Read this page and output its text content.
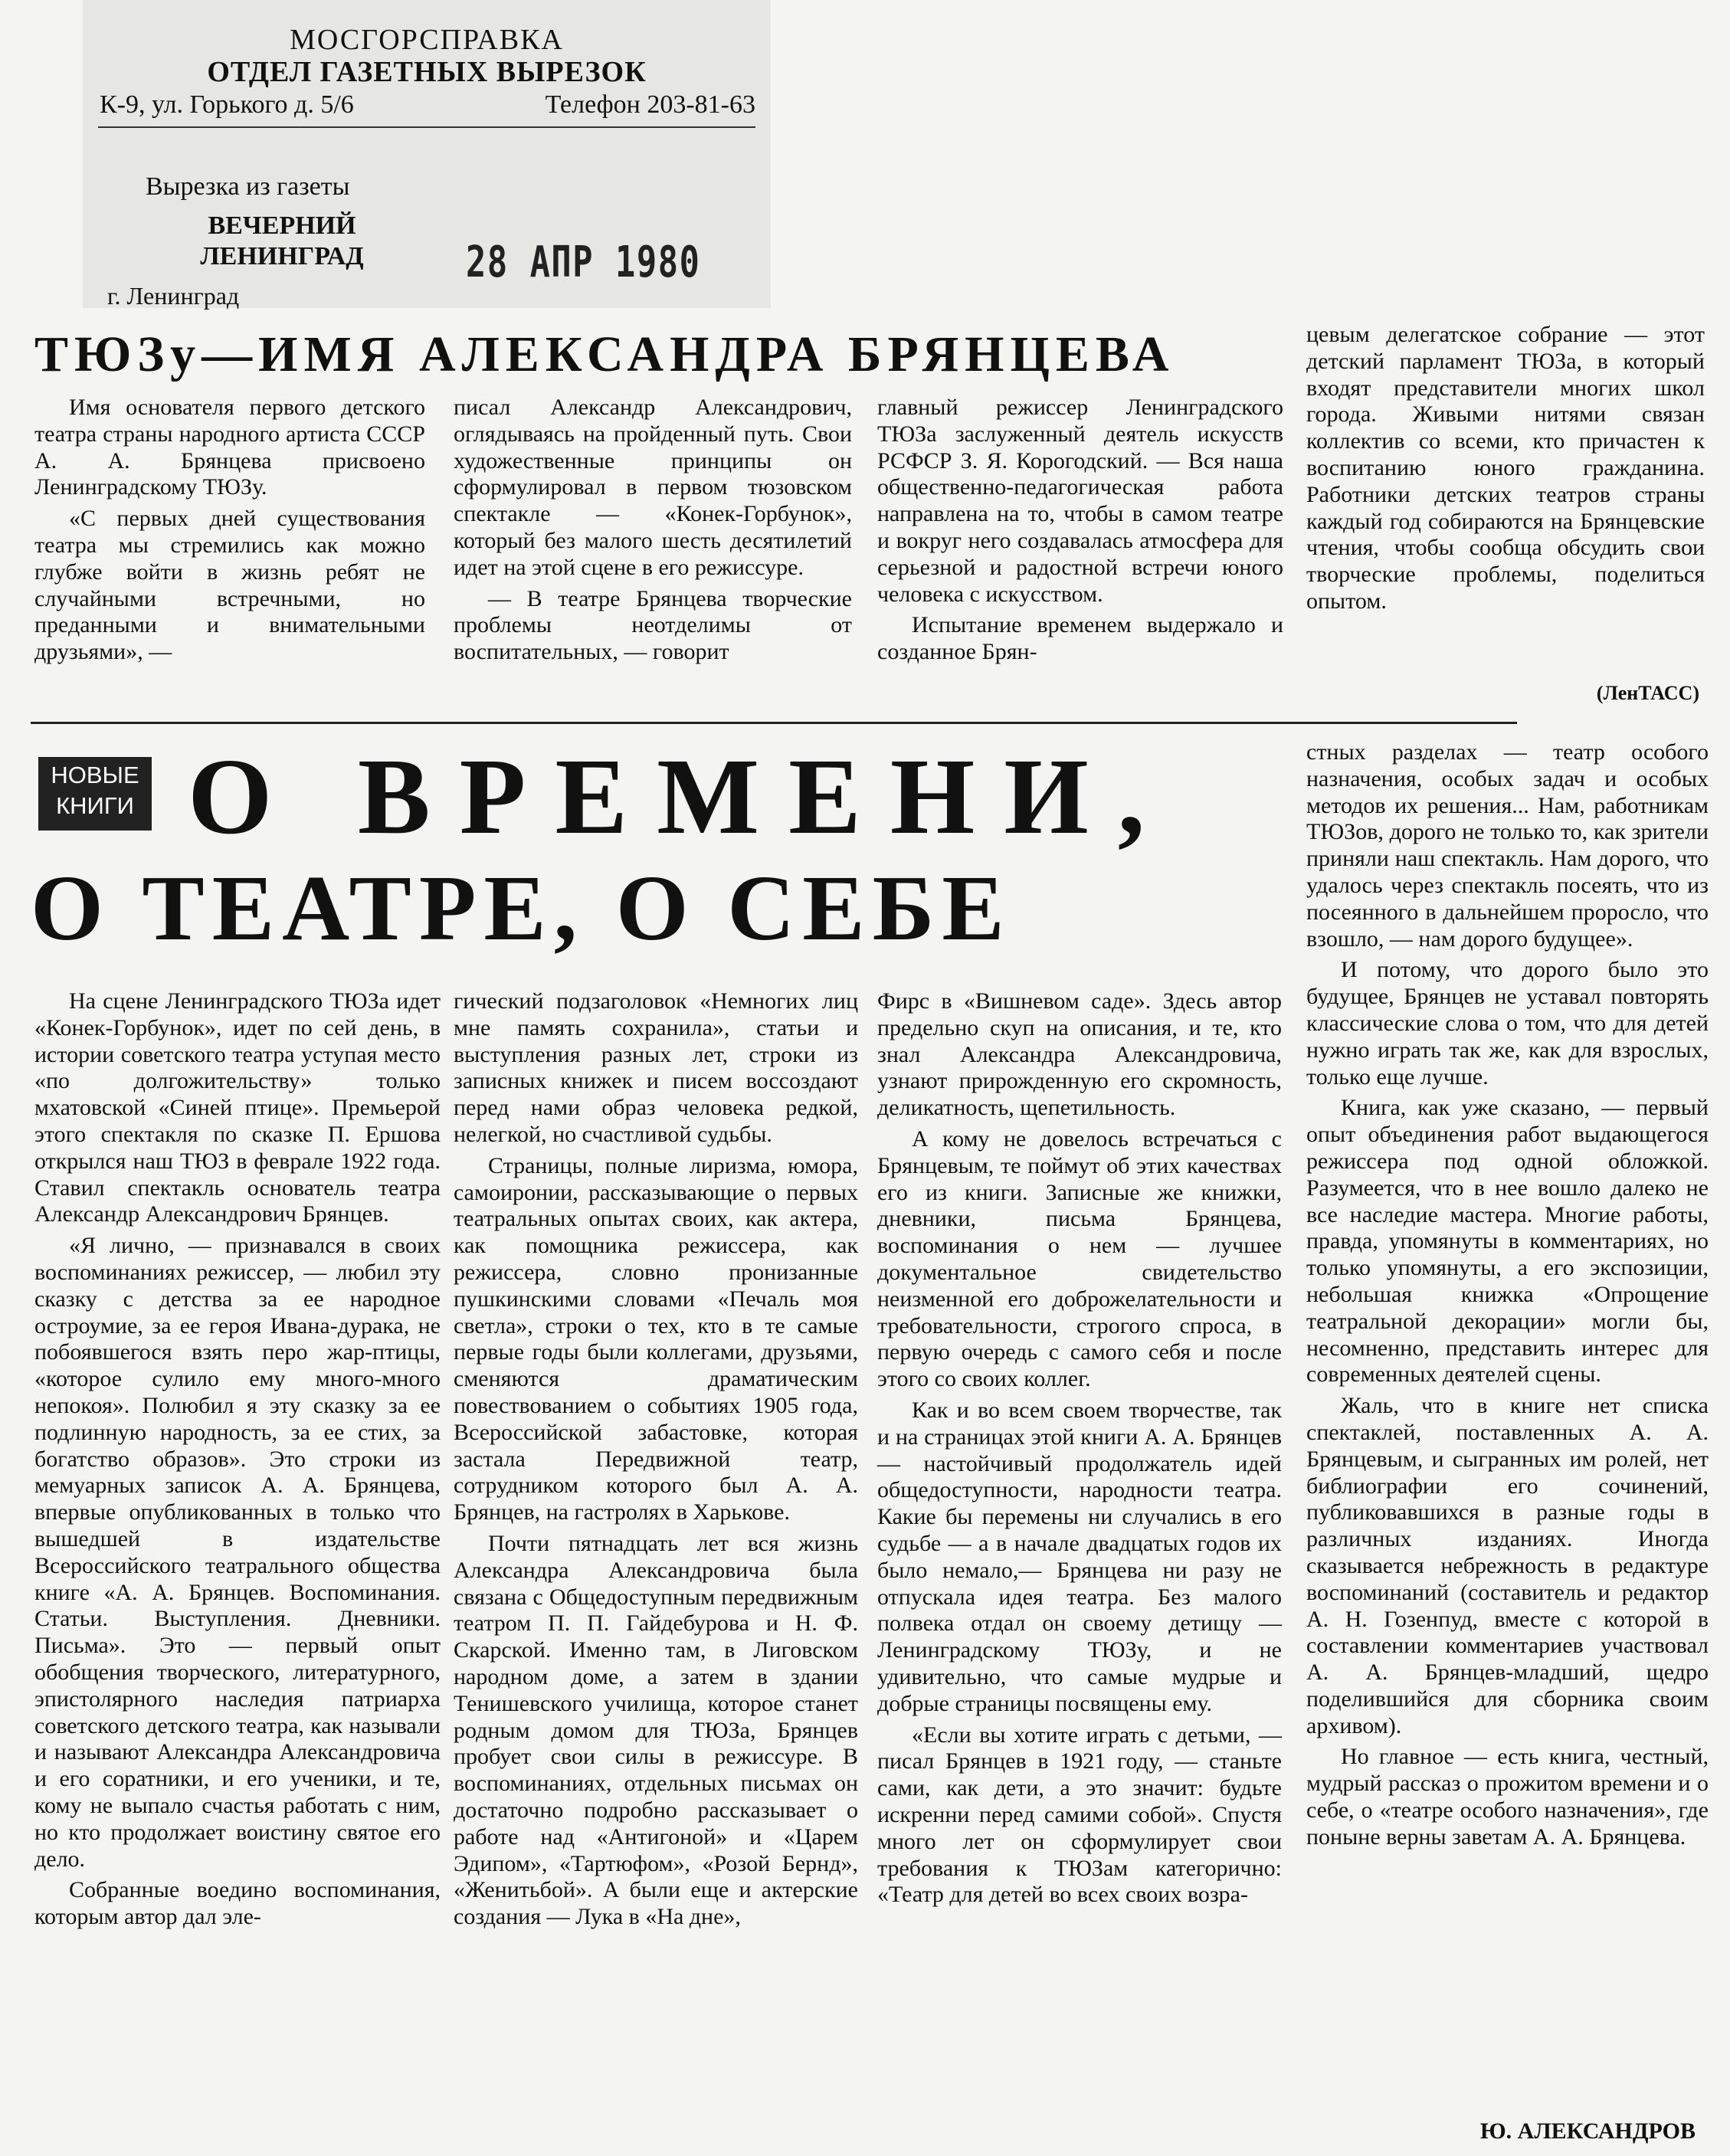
МОСГОРСПРАВКА
ОТДЕЛ ГАЗЕТНЫХ ВЫРЕЗОК
К-9, ул. Горького д. 5/6	Телефон 203-81-63
Вырезка из газеты
ВЕЧЕРНИЙ ЛЕНИНГРАД
г. Ленинград
28 АПР 1980
ТЮЗу—ИМЯ АЛЕКСАНДРА БРЯНЦЕВА

Имя основателя первого детского театра страны народного артиста СССР А. А. Брянцева присвоено Ленинградскому ТЮЗу.

«С первых дней существования театра мы стремились как можно глубже войти в жизнь ребят не случайными встречными, но преданными и внимательными друзьями», —

писал Александр Александрович, оглядываясь на пройденный путь. Свои художественные принципы он сформулировал в первом тюзовском спектакле — «Конек-Горбунок», который без малого шесть десятилетий идет на этой сцене в его режиссуре.

— В театре Брянцева творческие проблемы неотделимы от воспитательных, — говорит

главный режиссер Ленинградского ТЮЗа заслуженный деятель искусств РСФСР З. Я. Корогодский. — Вся наша общественно-педагогическая работа направлена на то, чтобы в самом театре и вокруг него создавалась атмосфера для серьезной и радостной встречи юного человека с искусством.

Испытание временем выдержало и созданное Брян-

цевым делегатское собрание — этот детский парламент ТЮЗа, в который входят представители многих школ города. Живыми нитями связан коллектив со всеми, кто причастен к воспитанию юного гражданина. Работники детских театров страны каждый год собираются на Брянцевские чтения, чтобы сообща обсудить свои творческие проблемы, поделиться опытом.

(ЛенТАСС)
НОВЫЕ КНИГИ О ВРЕМЕНИ,
О ТЕАТРЕ, О СЕБЕ

На сцене Ленинградского ТЮЗа идет «Конек-Горбунок», идет по сей день, в истории советского театра уступая место «по долгожительству» только мхатовской «Синей птице». Премьерой этого спектакля по сказке П. Ершова открылся наш ТЮЗ в феврале 1922 года. Ставил спектакль основатель театра Александр Александрович Брянцев.

«Я лично, — признавался в своих воспоминаниях режиссер, — любил эту сказку с детства за ее народное остроумие, за ее героя Ивана-дурака, не побоявшегося взять перо жар-птицы, «которое сулило ему много-много непокоя». Полюбил я эту сказку за ее подлинную народность, за ее стих, за богатство образов». Это строки из мемуарных записок А. А. Брянцева, впервые опубликованных в только что вышедшей в издательстве Всероссийского театрального общества книге «А. А. Брянцев. Воспоминания. Статьи. Выступления. Дневники. Письма». Это — первый опыт обобщения творческого, литературного, эпистолярного наследия патриарха советского детского театра, как называли и называют Александра Александровича и его соратники, и его ученики, и те, кому не выпало счастья работать с ним, но кто продолжает воистину святое его дело.

Собранные воедино воспоминания, которым автор дал эле-

гический подзаголовок «Немногих лиц мне память сохранила», статьи и выступления разных лет, строки из записных книжек и писем воссоздают перед нами образ человека редкой, нелегкой, но счастливой судьбы.

Страницы, полные лиризма, юмора, самоиронии, рассказывающие о первых театральных опытах своих, как актера, как помощника режиссера, как режиссера, словно пронизанные пушкинскими словами «Печаль моя светла», строки о тех, кто в те самые первые годы были коллегами, друзьями, сменяются драматическим повествованием о событиях 1905 года, Всероссийской забастовке, которая застала Передвижной театр, сотрудником которого был А. А. Брянцев, на гастролях в Харькове.

Почти пятнадцать лет вся жизнь Александра Александровича была связана с Общедоступным передвижным театром П. П. Гайдебурова и Н. Ф. Скарской. Именно там, в Лиговском народном доме, а затем в здании Тенишевского училища, которое станет родным домом для ТЮЗа, Брянцев пробует свои силы в режиссуре. В воспоминаниях, отдельных письмах он достаточно подробно рассказывает о работе над «Антигоной» и «Царем Эдипом», «Тартюфом», «Розой Бернд», «Женитьбой». А были еще и актерские создания — Лука в «На дне»,

Фирс в «Вишневом саде». Здесь автор предельно скуп на описания, и те, кто знал Александра Александровича, узнают прирожденную его скромность, деликатность, щепетильность.

А кому не довелось встречаться с Брянцевым, те поймут об этих качествах его из книги. Записные же книжки, дневники, письма Брянцева, воспоминания о нем — лучшее документальное свидетельство неизменной его доброжелательности и требовательности, строгого спроса, в первую очередь с самого себя и после этого со своих коллег.

Как и во всем своем творчестве, так и на страницах этой книги А. А. Брянцев — настойчивый продолжатель идей общедоступности, народности театра. Какие бы перемены ни случались в его судьбе — а в начале двадцатых годов их было немало,— Брянцева ни разу не отпускала идея театра. Без малого полвека отдал он своему детищу — Ленинградскому ТЮЗу, и не удивительно, что самые мудрые и добрые страницы посвящены ему.

«Если вы хотите играть с детьми, — писал Брянцев в 1921 году, — станьте сами, как дети, а это значит: будьте искренни перед самими собой». Спустя много лет он сформулирует свои требования к ТЮЗам категорично: «Театр для детей во всех своих возра-

стных разделах — театр особого назначения, особых задач и особых методов их решения... Нам, работникам ТЮЗов, дорого не только то, как зрители приняли наш спектакль. Нам дорого, что удалось через спектакль посеять, что из посеянного в дальнейшем проросло, что взошло, — нам дорого будущее».

И потому, что дорого было это будущее, Брянцев не уставал повторять классические слова о том, что для детей нужно играть так же, как для взрослых, только еще лучше.

Книга, как уже сказано, — первый опыт объединения работ выдающегося режиссера под одной обложкой. Разумеется, что в нее вошло далеко не все наследие мастера. Многие работы, правда, упомянуты в комментариях, но только упомянуты, а его экспозиции, небольшая книжка «Опрощение театральной декорации» могли бы, несомненно, представить интерес для современных деятелей сцены.

Жаль, что в книге нет списка спектаклей, поставленных А. А. Брянцевым, и сыгранных им ролей, нет библиографии его сочинений, публиковавшихся в разные годы в различных изданиях. Иногда сказывается небрежность в редактуре воспоминаний (составитель и редактор А. Н. Гозенпуд, вместе с которой в составлении комментариев участвовал А. А. Брянцев-младший, щедро поделившийся для сборника своим архивом).

Но главное — есть книга, честный, мудрый рассказ о прожитом времени и о себе, о «театре особого назначения», где поныне верны заветам А. А. Брянцева.

Ю. АЛЕКСАНДРОВ
